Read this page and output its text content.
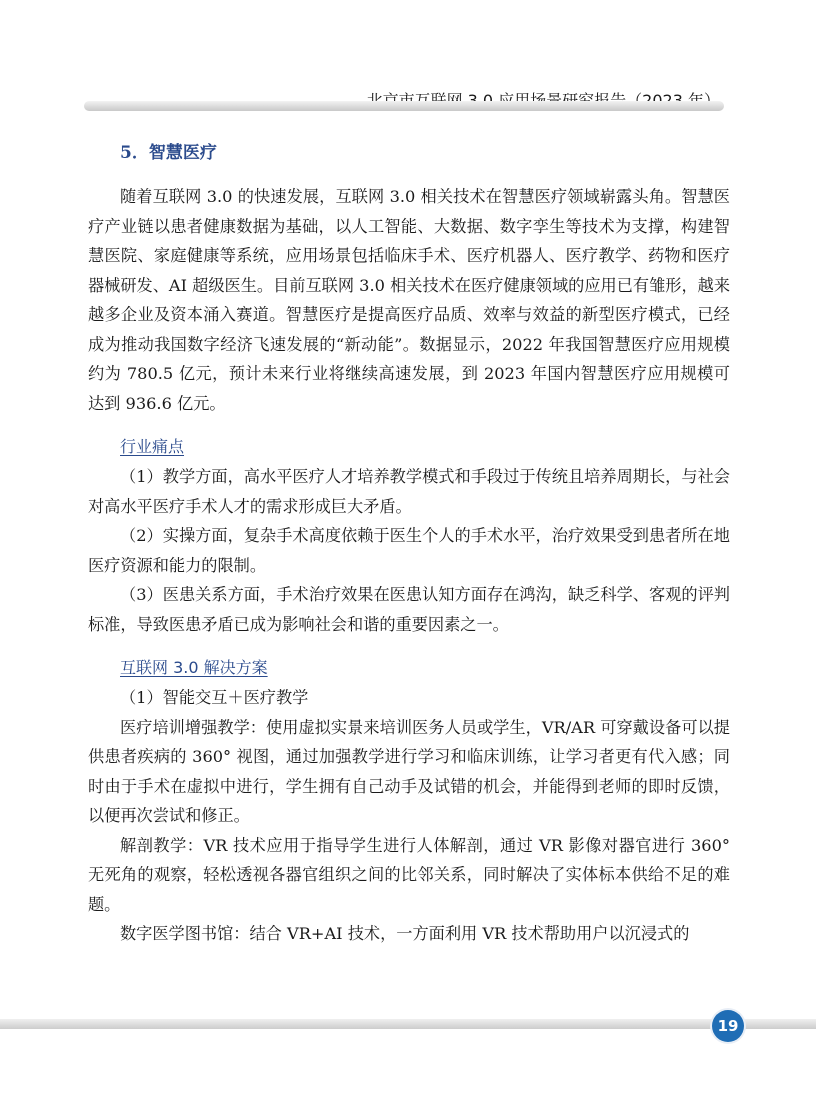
5．智慧医疗

随着互联网 3.0 的快速发展，互联网 3.0 相关技术在智慧医疗领域崭露头角。智慧医疗产业链以患者健康数据为基础，以人工智能、大数据、数字孪生等技术为支撑，构建智慧医院、家庭健康等系统，应用场景包括临床手术、医疗机器人、医疗教学、药物和医疗器械研发、AI 超级医生。目前互联网 3.0 相关技术在医疗健康领域的应用已有雏形，越来越多企业及资本涌入赛道。智慧医疗是提高医疗品质、效率与效益的新型医疗模式，已经成为推动我国数字经济飞速发展的“新动能”。数据显示，2022 年我国智慧医疗应用规模约为 780.5 亿元，预计未来行业将继续高速发展，到 2023 年国内智慧医疗应用规模可达到 936.6 亿元。

行业痛点

（1）教学方面，高水平医疗人才培养教学模式和手段过于传统且培养周期长，与社会对高水平医疗手术人才的需求形成巨大矛盾。

（2）实操方面，复杂手术高度依赖于医生个人的手术水平，治疗效果受到患者所在地医疗资源和能力的限制。

（3）医患关系方面，手术治疗效果在医患认知方面存在鸿沟，缺乏科学、客观的评判标准，导致医患矛盾已成为影响社会和谐的重要因素之一。

互联网 3.0 解决方案
（1）智能交互＋医疗教学

医疗培训增强教学：使用虚拟实景来培训医务人员或学生，VR/AR 可穿戴设备可以提供患者疾病的 360° 视图，通过加强教学进行学习和临床训练，让学习者更有代入感；同时由于手术在虚拟中进行，学生拥有自己动手及试错的机会，并能得到老师的即时反馈，以便再次尝试和修正。

解剖教学：VR 技术应用于指导学生进行人体解剖，通过 VR 影像对器官进行 360° 无死角的观察，轻松透视各器官组织之间的比邻关系，同时解决了实体标本供给不足的难题。

数字医学图书馆：结合 VR+AI 技术，一方面利用 VR 技术帮助用户以沉浸式的

19
